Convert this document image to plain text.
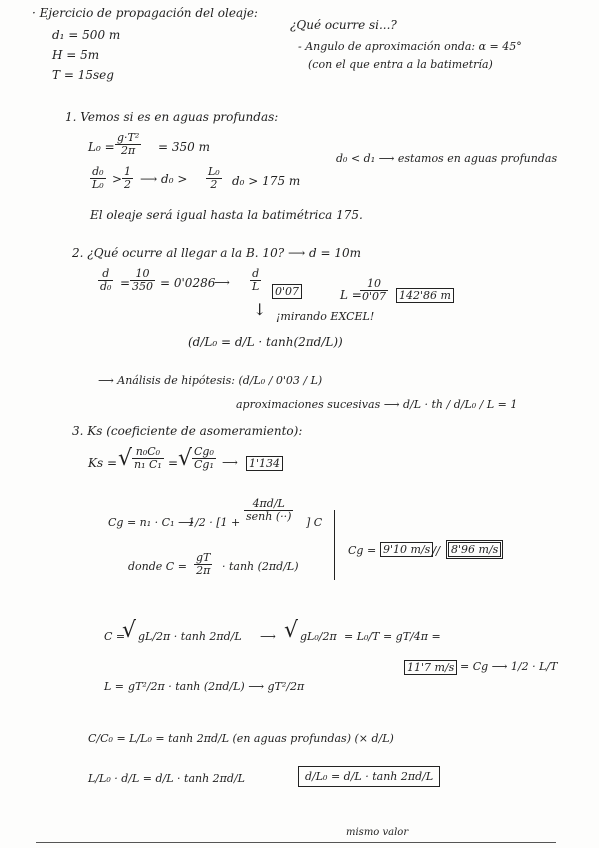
· Ejercicio de propagación del oleaje:
d₁ = 500 m
H = 5m
T = 15seg
¿Qué ocurre si...?
- Angulo de aproximación onda: α = 45°
(con el que entra a la batimetría)
1. Vemos si es en aguas profundas:
$L_0 = \frac{\text{g·T²}}{2\pi} = 350$ m
d₀ < d₁ ⟶ estamos en aguas profundas
$\frac{\text{d₀}}{\text{L₀}} > \frac{1}{2}$ ⟶ $d_0 > \frac{\text{L₀}}{2} d_0 > 175$ m
El oleaje será igual hasta la batimétrica 175.
2. ¿Qué ocurre al llegar a la B. 10? ⟶ d = 10m
$\frac{d}{\text{d₀}} = \frac{10}{350} = 0'0286$
⟶ $\frac{d}{L} 0'07$	L =
$\frac{10}{0'07} 142'86$ m
↓ ¡mirando EXCEL!
(d/L₀ = d/L · tanh(2πd/L))
⟶ Análisis de hipótesis: (d/L₀ / 0'03 / L)
aproximaciones sucesivas ⟶ d/L · th / d/L₀ / L = 1
3. Ks (coeficiente de asomeramiento):
Ks = √ $\frac{\text{n₀C₀}}{\text{n₁ C₁}}$ = √ $\frac{\text{Cg₀}}{\text{Cg₁}}$ ⟶ 1'134
Cg = n₁ · C₁ ⟶
1/2 · [1 +
4πd/L
senh (··) ] C
donde $C = \frac{gT}{2\pi} \cdot \tanh (2\pi d/L)$
Cg = 9'10 m/s // 8'96 m/s
C =
√ gL/2π · tanh 2πd/L ⟶ √ gL₀/2π = L₀/T = gT/4π =
L = gT²/2π · tanh (2πd/L) ⟶ gT²/2π
11'7 m/s = Cg ⟶ 1/2 · L/T
C/C₀ = L/L₀ = tanh 2πd/L (en aguas profundas) (× d/L)
L/L₀ · d/L = d/L · tanh 2πd/L	d/L₀ = d/L · tanh 2πd/L
mismo valor
